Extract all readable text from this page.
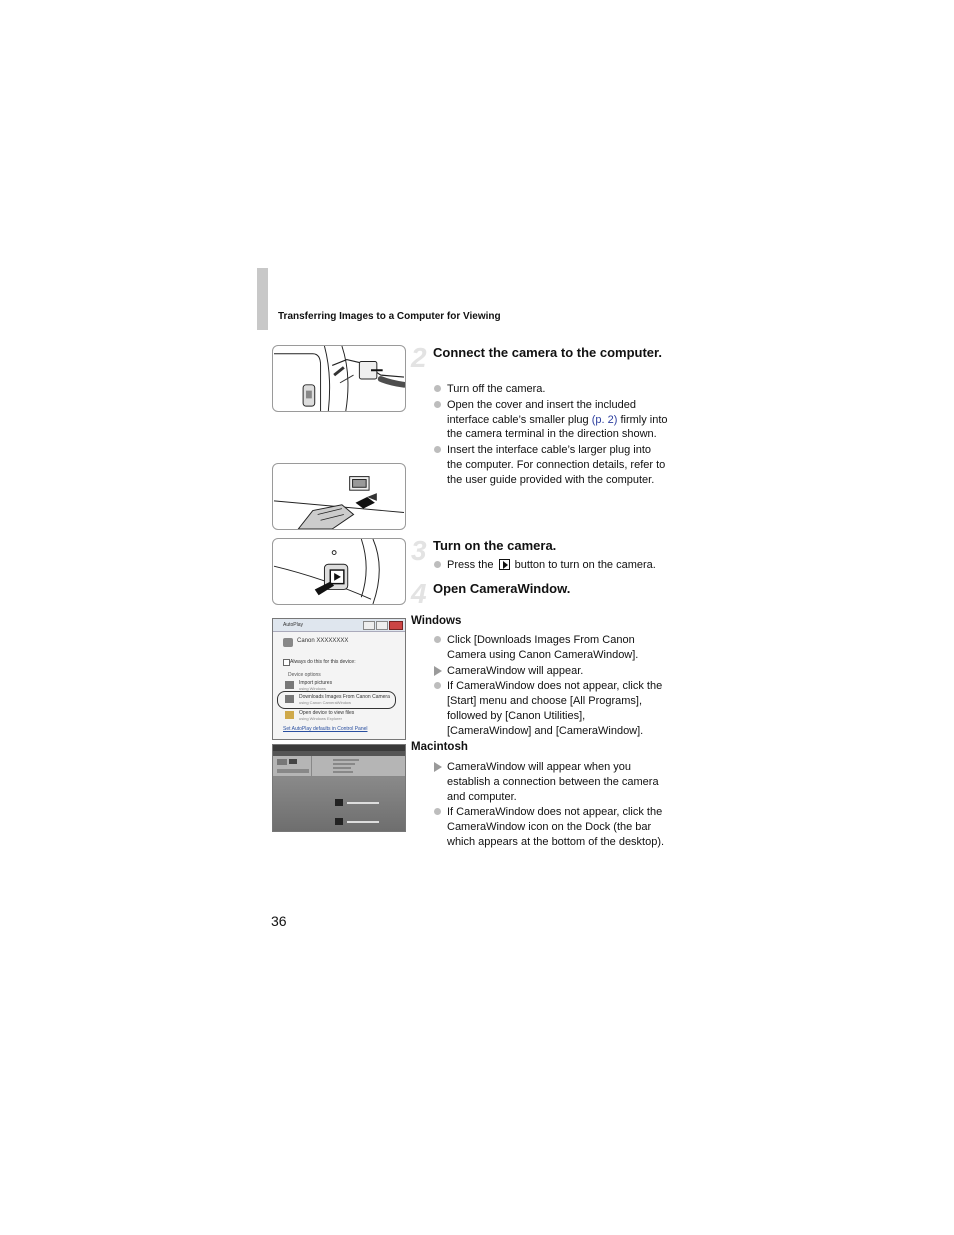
Transferring Images to a Computer for Viewing
AutoPlay
Canon XXXXXXXX
Always do this for this device:
Device options
Import pictures
using Windows
Downloads Images From Canon Camera
using Canon CameraWindow
Open device to view files
using Windows Explorer
Set AutoPlay defaults in Control Panel
2 Connect the camera to the computer.
Turn off the camera.
Open the cover and insert the included interface cable’s smaller plug (p. 2) firmly into the camera terminal in the direction shown.
Insert the interface cable’s larger plug into the computer. For connection details, refer to the user guide provided with the computer.
3 Turn on the camera.
Press the  button to turn on the camera.
4 Open CameraWindow.
Windows
Click [Downloads Images From Canon Camera using Canon CameraWindow].
CameraWindow will appear.
If CameraWindow does not appear, click the [Start] menu and choose [All Programs], followed by [Canon Utilities], [CameraWindow] and [CameraWindow].
Macintosh
CameraWindow will appear when you establish a connection between the camera and computer.
If CameraWindow does not appear, click the CameraWindow icon on the Dock (the bar which appears at the bottom of the desktop).
36
